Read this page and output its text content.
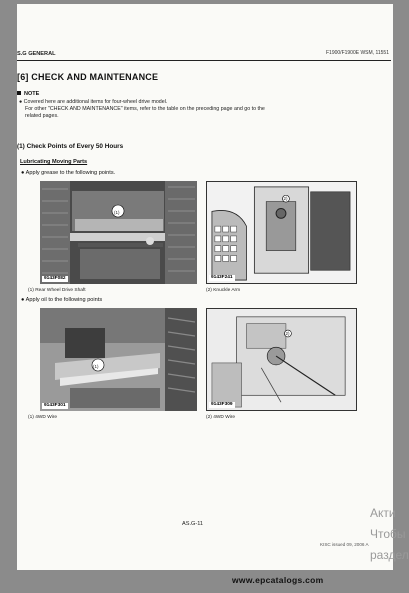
S.G GENERAL	F1900/F1900E WSM, 11551
[6] CHECK AND MAINTENANCE
NOTE
● Covered here are additional items for four-wheel drive model.
For other "CHECK AND MAINTENANCE" items, refer to the table on the preceding page and go to the
related pages.
(1) Check Points of Every 50 Hours
Lubricating Moving Parts
● Apply grease to the following points.
9143F082
(1) Rear Wheel Drive Shaft
9143F241
(2) Knuckle Arm
● Apply oil to the following points
9143F301
(1) 4WD Wire
9143F309
(2) 4WD Wire
(1)
(2)
(1)
(2)
AS.G-11
KISC issued 09, 2006 A
Акти
Чтобы
раздел
www.epcatalogs.com
